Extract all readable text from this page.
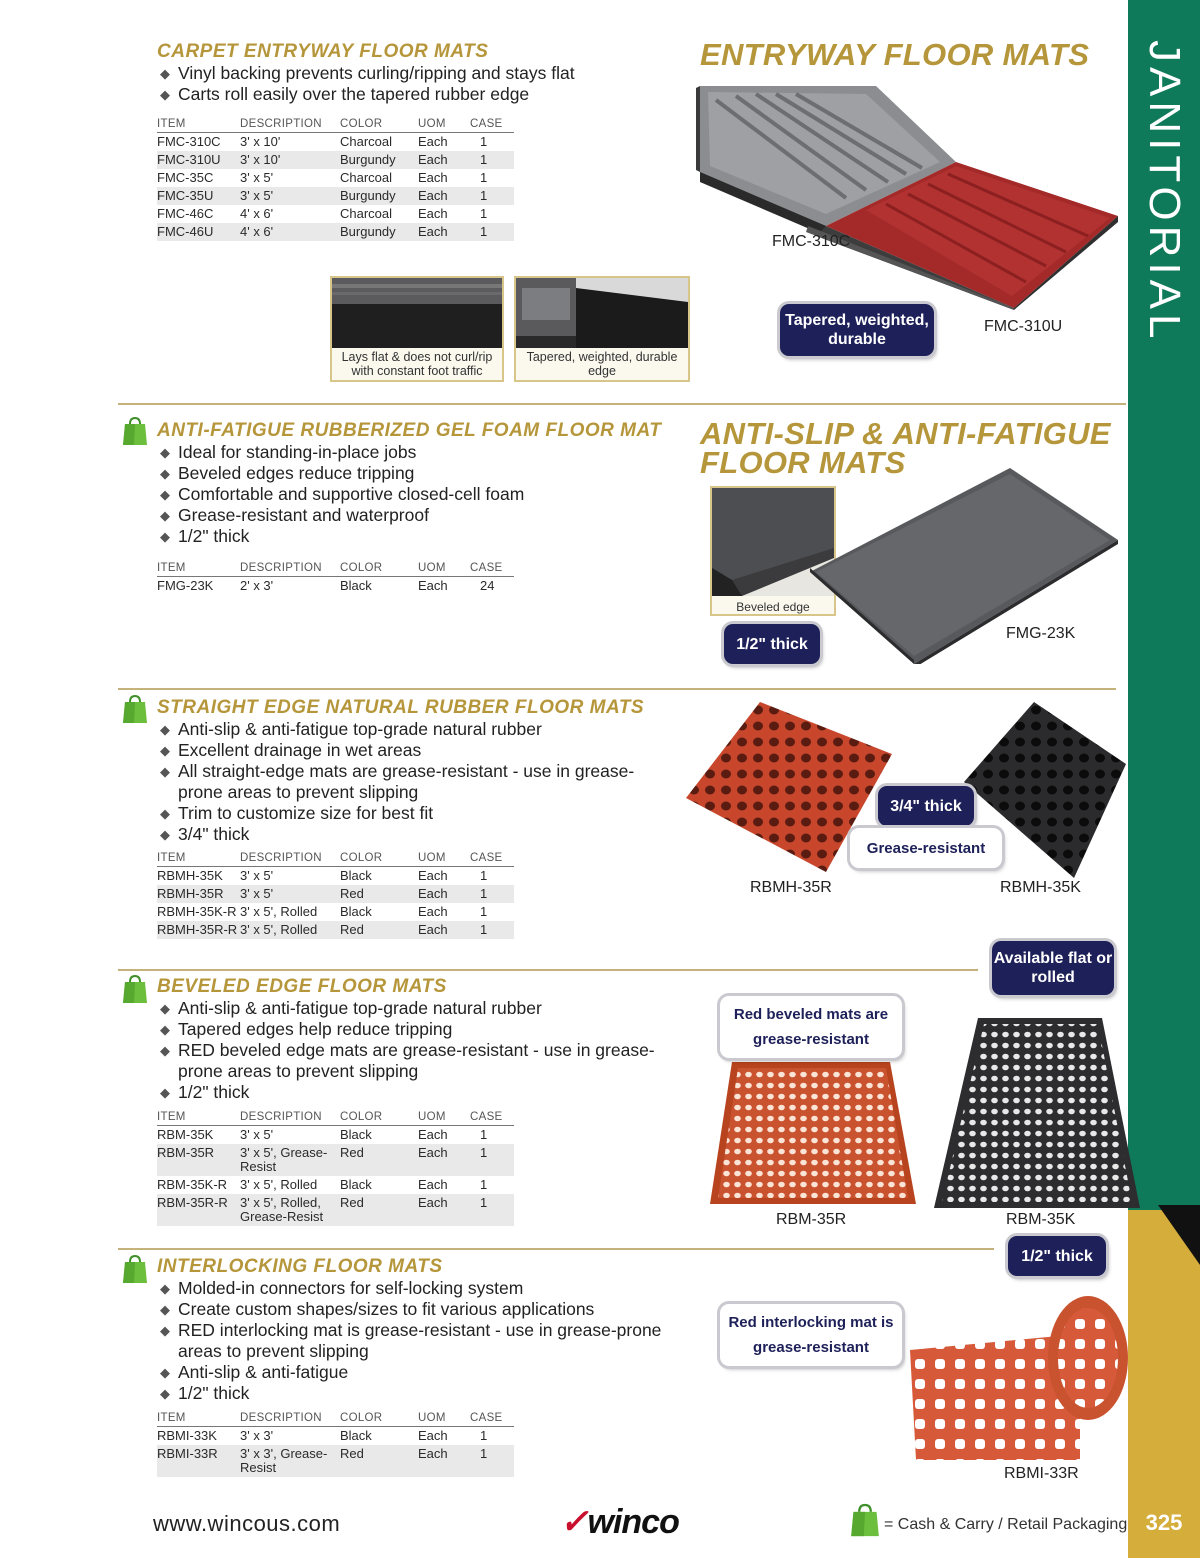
JANITORIAL
325
CARPET ENTRYWAY FLOOR MATS
◆ Vinyl backing prevents curling/ripping and stays flat
◆ Carts roll easily over the tapered rubber edge
ITEM	DESCRIPTION	COLOR	UOM	CASE
FMC-310C	3' x 10'	Charcoal	Each	1
FMC-310U	3' x 10'	Burgundy	Each	1
FMC-35C	3' x 5'	Charcoal	Each	1
FMC-35U	3' x 5'	Burgundy	Each	1
FMC-46C	4' x 6'	Charcoal	Each	1
FMC-46U	4' x 6'	Burgundy	Each	1
Lays flat & does not curl/rip with constant foot traffic
Tapered, weighted, durable edge
ENTRYWAY FLOOR MATS
FMC-310C
FMC-310U
Tapered, weighted, durable
ANTI-FATIGUE RUBBERIZED GEL FOAM FLOOR MAT
◆ Ideal for standing-in-place jobs
◆ Beveled edges reduce tripping
◆ Comfortable and supportive closed-cell foam
◆ Grease-resistant and waterproof
◆ 1/2" thick
ITEM	DESCRIPTION	COLOR	UOM	CASE
FMG-23K	2' x 3'	Black	Each	24
ANTI-SLIP & ANTI-FATIGUE
FLOOR MATS
Beveled edge
1/2" thick
FMG-23K
STRAIGHT EDGE NATURAL RUBBER FLOOR MATS
◆ Anti-slip & anti-fatigue top-grade natural rubber
◆ Excellent drainage in wet areas
◆ All straight-edge mats are grease-resistant - use in grease-prone areas to prevent slipping
◆ Trim to customize size for best fit
◆ 3/4" thick
ITEM	DESCRIPTION	COLOR	UOM	CASE
RBMH-35K	3' x 5'	Black	Each	1
RBMH-35R	3' x 5'	Red	Each	1
RBMH-35K-R	3' x 5', Rolled	Black	Each	1
RBMH-35R-R	3' x 5', Rolled	Red	Each	1
3/4" thick
Grease-resistant
RBMH-35R	RBMH-35K
Available flat or rolled
BEVELED EDGE FLOOR MATS
◆ Anti-slip & anti-fatigue top-grade natural rubber
◆ Tapered edges help reduce tripping
◆ RED beveled edge mats are grease-resistant - use in grease-prone areas to prevent slipping
◆ 1/2" thick
ITEM	DESCRIPTION	COLOR	UOM	CASE
RBM-35K	3' x 5'	Black	Each	1
RBM-35R	3' x 5', Grease-Resist	Red	Each	1
RBM-35K-R	3' x 5', Rolled	Black	Each	1
RBM-35R-R	3' x 5', Rolled, Grease-Resist	Red	Each	1
Red beveled mats are grease-resistant
RBM-35R	RBM-35K
1/2" thick
INTERLOCKING FLOOR MATS
◆ Molded-in connectors for self-locking system
◆ Create custom shapes/sizes to fit various applications
◆ RED interlocking mat is grease-resistant - use in grease-prone areas to prevent slipping
◆ Anti-slip & anti-fatigue
◆ 1/2" thick
ITEM	DESCRIPTION	COLOR	UOM	CASE
RBMI-33K	3' x 3'	Black	Each	1
RBMI-33R	3' x 3', Grease-Resist	Red	Each	1
Red interlocking mat is grease-resistant
RBMI-33R
www.wincous.com	✓winco	= Cash & Carry / Retail Packaging
